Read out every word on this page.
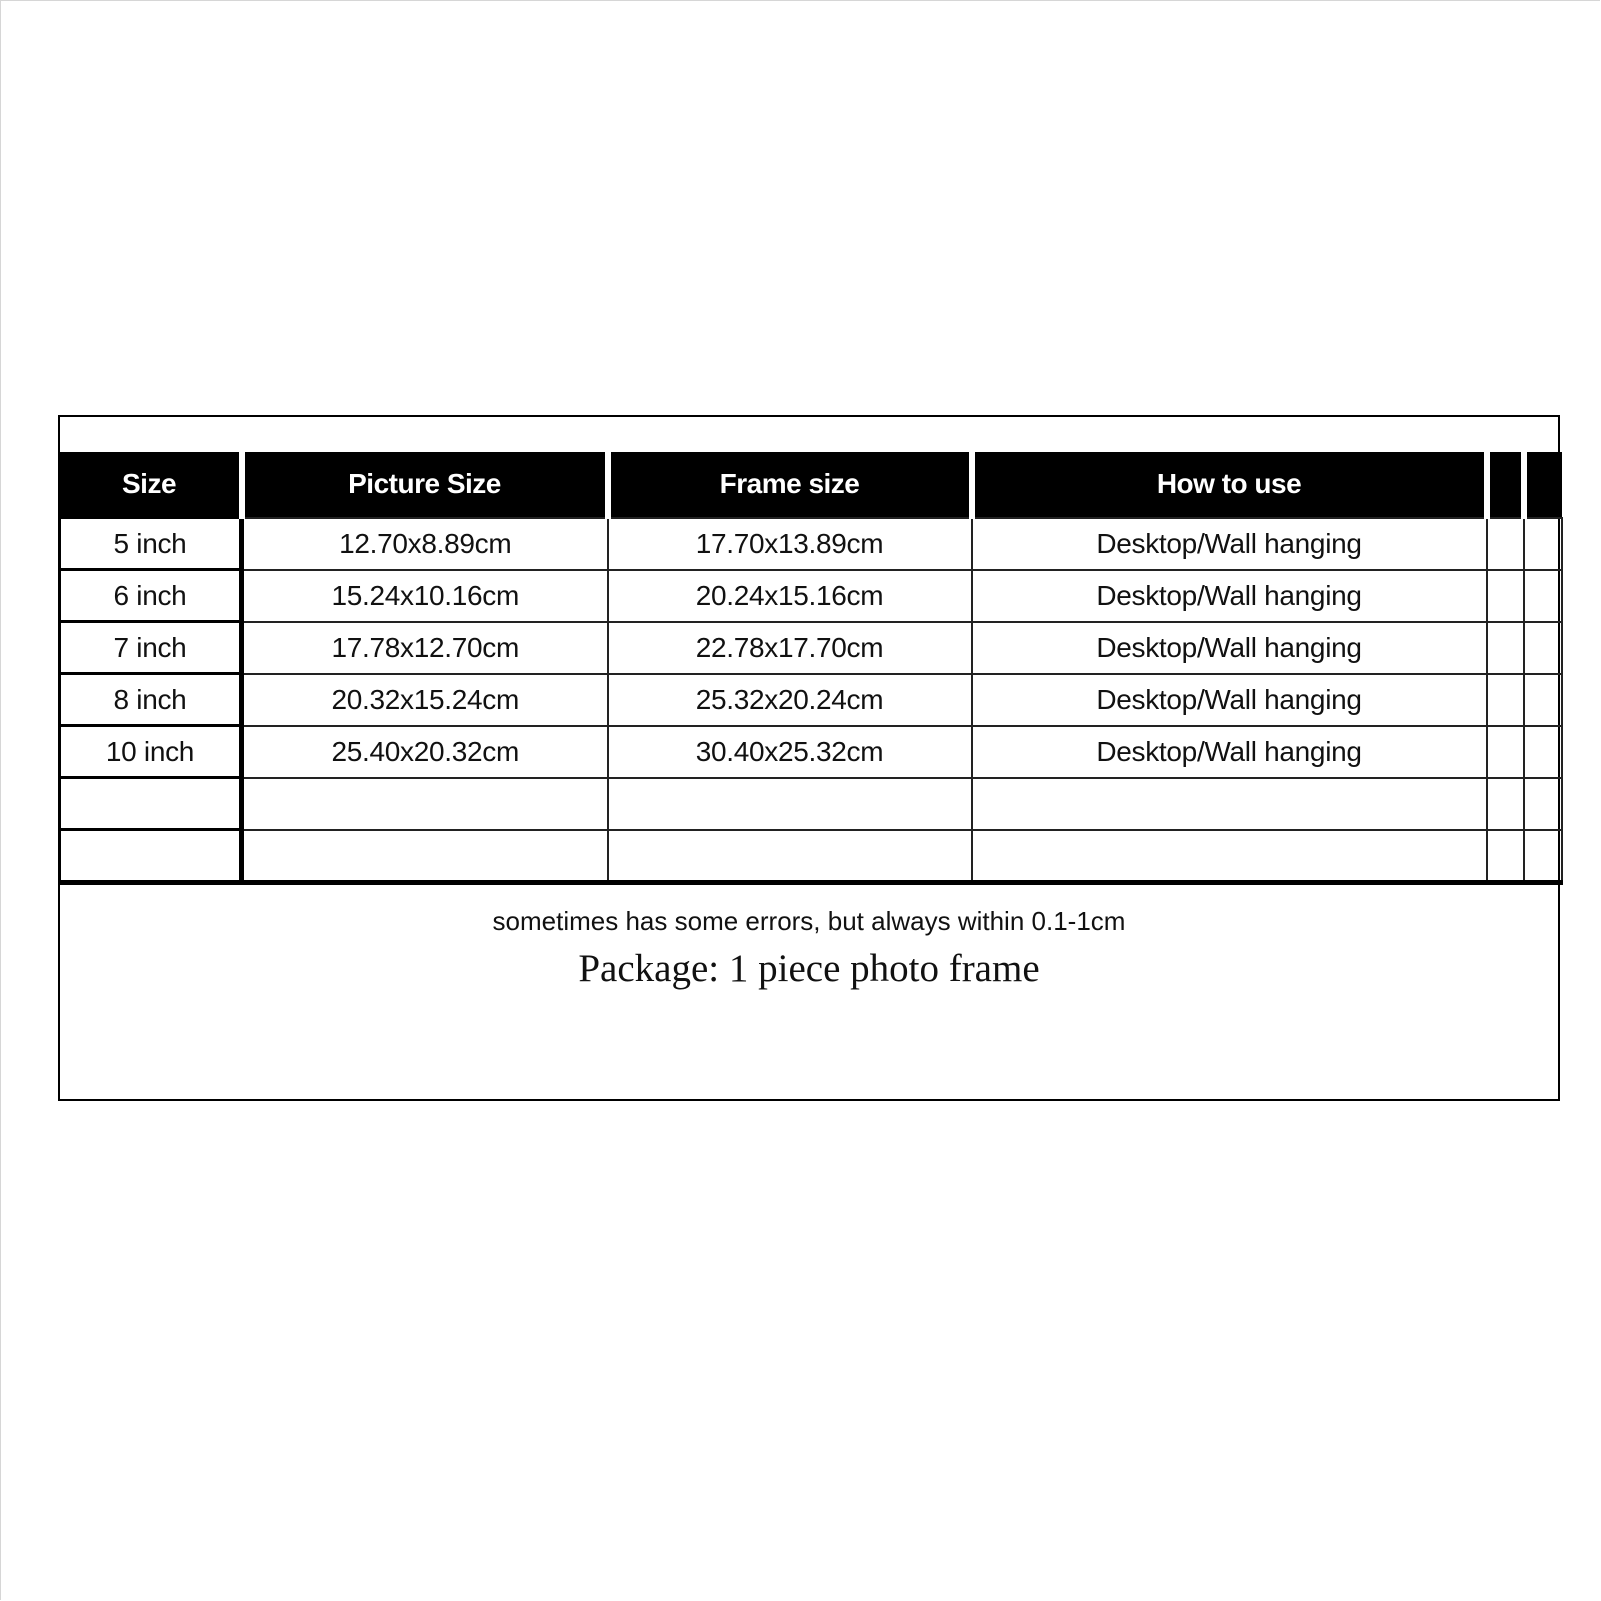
Size	Picture Size	Frame size	How to use		
5 inch	12.70x8.89cm	17.70x13.89cm	Desktop/Wall hanging		
6 inch	15.24x10.16cm	20.24x15.16cm	Desktop/Wall hanging		
7 inch	17.78x12.70cm	22.78x17.70cm	Desktop/Wall hanging		
8 inch	20.32x15.24cm	25.32x20.24cm	Desktop/Wall hanging		
10 inch	25.40x20.32cm	30.40x25.32cm	Desktop/Wall hanging		

sometimes has some errors, but always within 0.1-1cm
Package: 1 piece photo frame
